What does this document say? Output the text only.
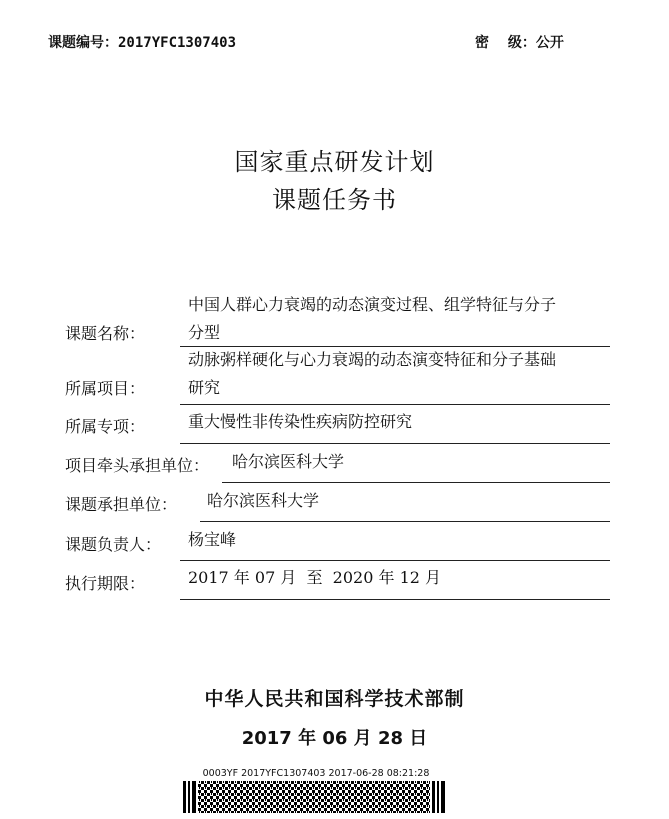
课题编号：2017YFC1307403	密　 级：公开
国家重点研发计划
课题任务书
课题名称：
中国人群心力衰竭的动态演变过程、组学特征与分子
分型
所属项目：
动脉粥样硬化与心力衰竭的动态演变特征和分子基础
研究
所属专项：	重大慢性非传染性疾病防控研究
项目牵头承担单位： 哈尔滨医科大学
课题承担单位： 哈尔滨医科大学
课题负责人： 杨宝峰
执行期限：	2017 年 07 月  至  2020 年 12 月
中华人民共和国科学技术部制
2017 年 06 月 28 日
0003YF 2017YFC1307403 2017-06-28 08:21:28
